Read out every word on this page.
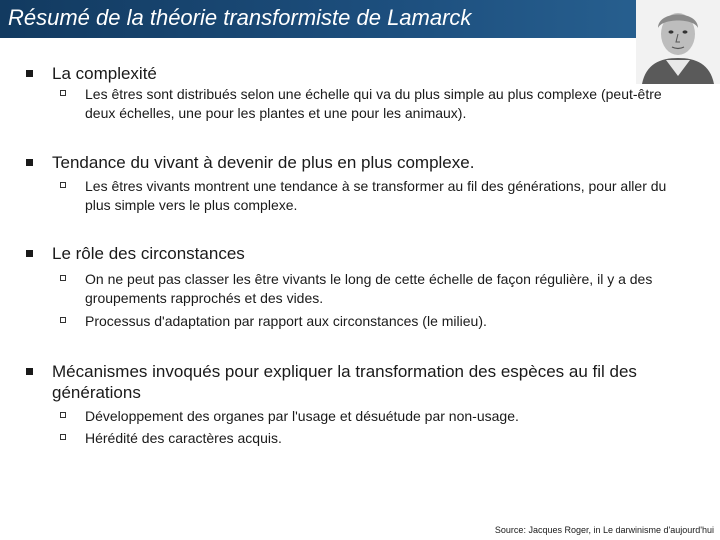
Résumé de la théorie transformiste de Lamarck
La complexité
Les êtres sont distribués selon une échelle qui va du plus simple au plus complexe (peut-être deux échelles, une pour les plantes et une pour les animaux).
Tendance du vivant à devenir de plus en plus complexe.
Les êtres vivants montrent une tendance à se transformer au fil des générations, pour aller du plus simple vers le plus complexe.
Le rôle des circonstances
On ne peut pas classer les être vivants le long de cette échelle de façon régulière, il y a des groupements rapprochés et des vides.
Processus d'adaptation par rapport aux circonstances (le milieu).
Mécanismes invoqués pour expliquer la transformation des espèces au fil des générations
Développement des organes par l'usage et désuétude par non-usage.
Hérédité des caractères acquis.
Source: Jacques Roger, in Le darwinisme d'aujourd'hui
